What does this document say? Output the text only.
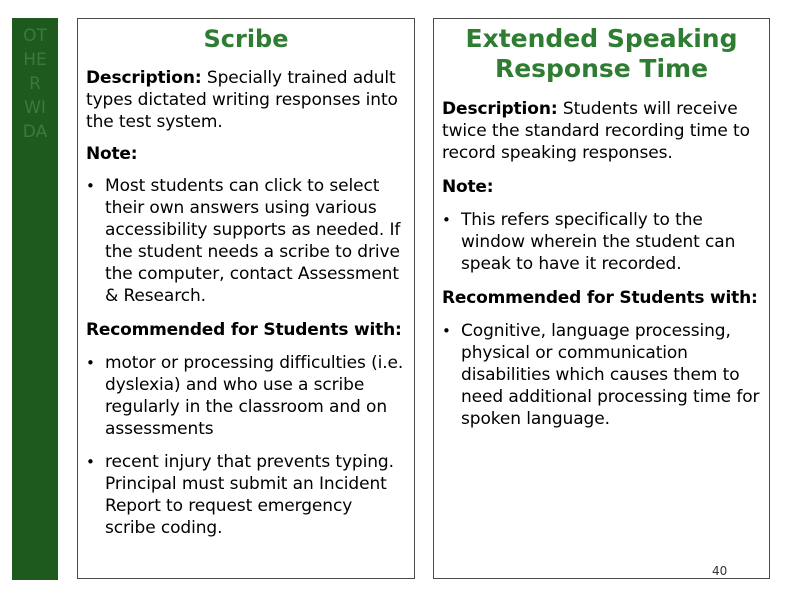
OT
HE
R
WI
DA
Scribe

Description: Specially trained adult types dictated writing responses into the test system.

Note:

• Most students can click to select their own answers using various accessibility supports as needed. If the student needs a scribe to drive the computer, contact Assessment & Research.

Recommended for Students with:

• motor or processing difficulties (i.e. dyslexia) and who use a scribe regularly in the classroom and on assessments
• recent injury that prevents typing. Principal must submit an Incident Report to request emergency scribe coding.
Extended Speaking Response Time

Description: Students will receive twice the standard recording time to record speaking responses.

Note:

• This refers specifically to the window wherein the student can speak to have it recorded.

Recommended for Students with:

• Cognitive, language processing, physical or communication disabilities which causes them to need additional processing time for spoken language.
40
